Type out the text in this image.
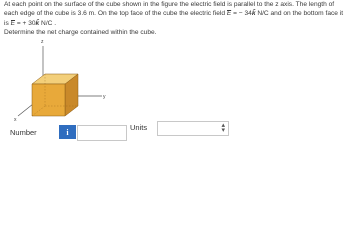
At each point on the surface of the cube shown in the figure the electric field is parallel to the z axis. The length of each edge of the cube is 3.6 m. On the top face of the cube the electric field E = − 34k̂ N/C and on the bottom face it is E = + 30k̂ N/C .
Determine the net charge contained within the cube.
z
y
x
Number	i	Units	▴
▾
